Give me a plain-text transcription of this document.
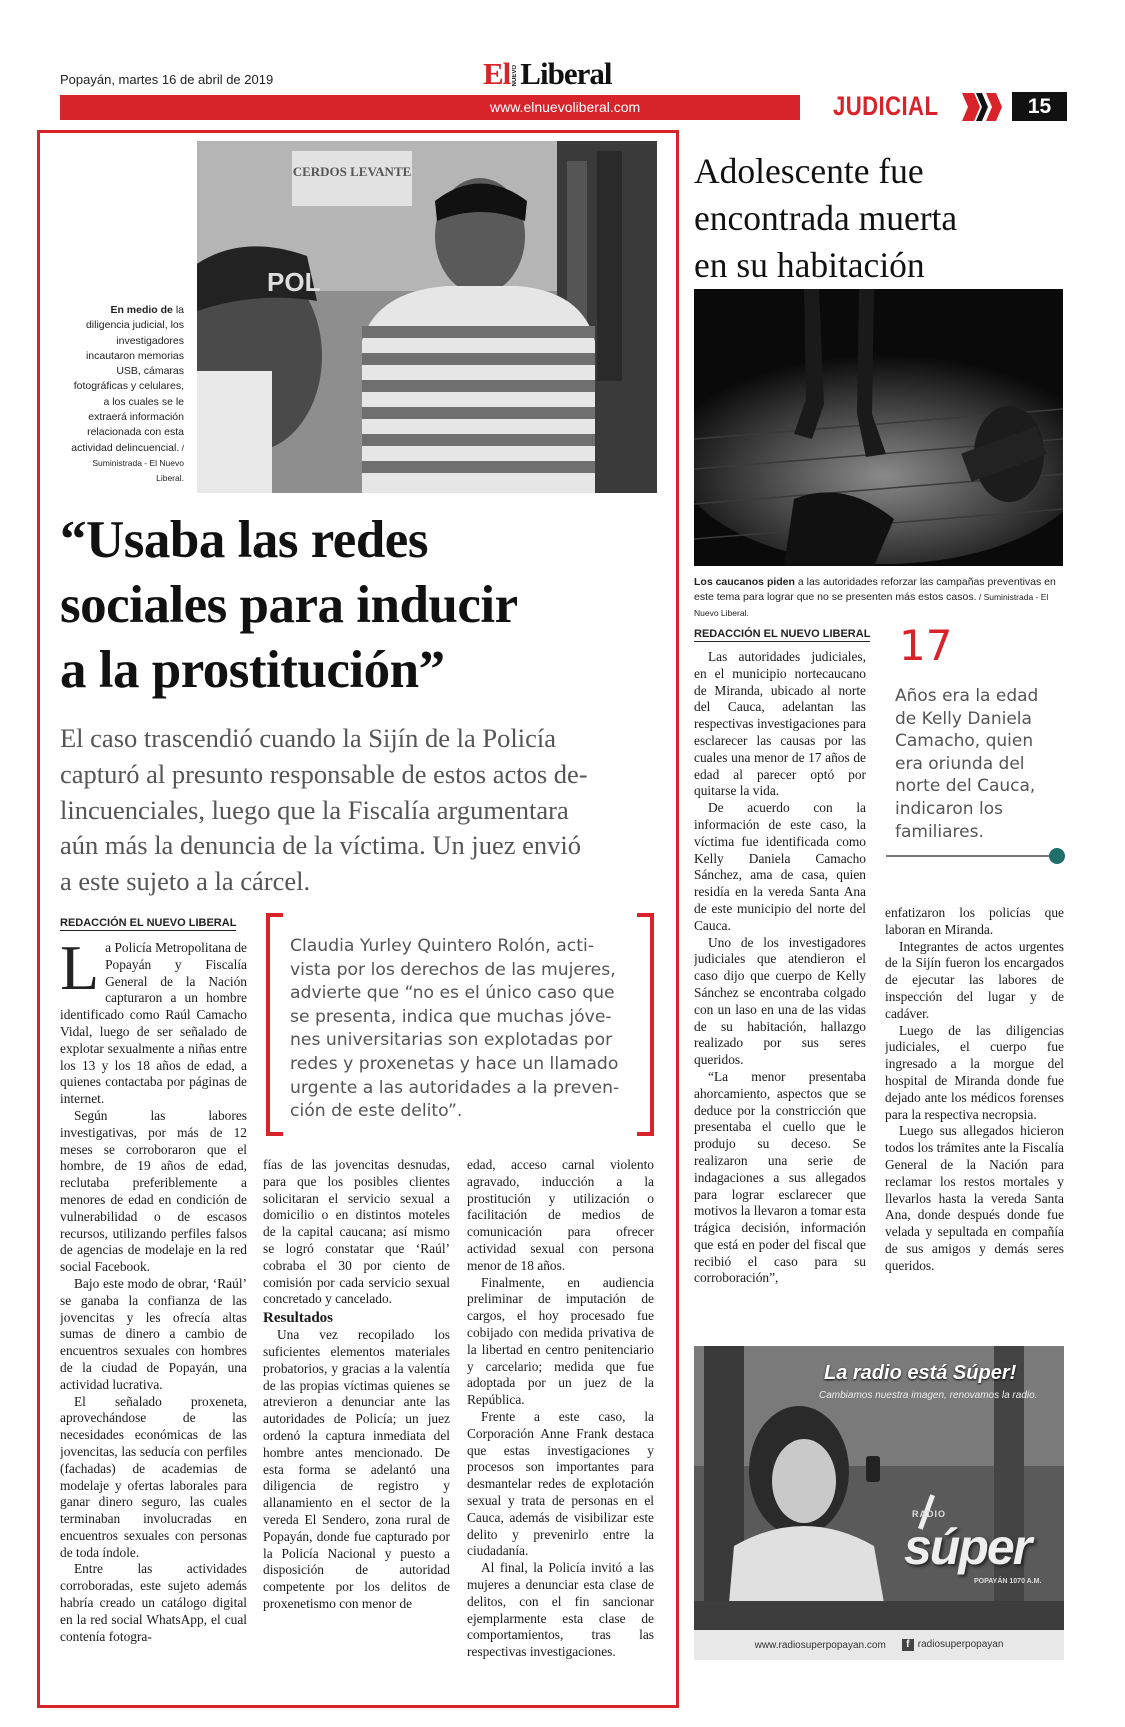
Popayán, martes 16 de abril de 2019	El NUEVO Liberal
www.elnuevoliberal.com	JUDICIAL	15
CERDOS LEVANTE
POL
En medio de la diligencia judicial, los investigadores incautaron memorias USB, cámaras fotográficas y celulares, a los cuales se le extraerá información relacionada con esta actividad delincuencial. / Suministrada - El Nuevo Liberal.
“Usaba las redes
sociales para inducir
a la prostitución”
El caso trascendió cuando la Sijín de la Policía
capturó al presunto responsable de estos actos de-
lincuenciales, luego que la Fiscalía argumentara
aún más la denuncia de la víctima. Un juez envió
a este sujeto a la cárcel.
REDACCIÓN EL NUEVO LIBERAL
L a Policía Metropolitana de Popayán y Fiscalía General de la Nación capturaron a un hombre identificado como Raúl Camacho Vidal, luego de ser señalado de explotar sexualmente a niñas entre los 13 y los 18 años de edad, a quienes contactaba por páginas de internet.

Según las labores investigativas, por más de 12 meses se corroboraron que el hombre, de 19 años de edad, reclutaba preferiblemente a menores de edad en condición de vulnerabilidad o de escasos recursos, utilizando perfiles falsos de agencias de modelaje en la red social Facebook.

Bajo este modo de obrar, ‘Raúl’ se ganaba la confianza de las jovencitas y les ofrecía altas sumas de dinero a cambio de encuentros sexuales con hombres de la ciudad de Popayán, una actividad lucrativa.

El señalado proxeneta, aprovechándose de las necesidades económicas de las jovencitas, las seducía con perfiles (fachadas) de academias de modelaje y ofertas laborales para ganar dinero seguro, las cuales terminaban involucradas en encuentros sexuales con personas de toda índole.

Entre las actividades corroboradas, este sujeto además habría creado un catálogo digital en la red social WhatsApp, el cual contenía fotogra-

Claudia Yurley Quintero Rolón, acti-
vista por los derechos de las mujeres,
advierte que “no es el único caso que
se presenta, indica que muchas jóve-
nes universitarias son explotadas por
redes y proxenetas y hace un llamado
urgente a las autoridades a la preven-
ción de este delito”.

fías de las jovencitas desnudas, para que los posibles clientes solicitaran el servicio sexual a domicilio o en distintos moteles de la capital caucana; así mismo se logró constatar que ‘Raúl’ cobraba el 30 por ciento de comisión por cada servicio sexual concretado y cancelado.

Resultados

Una vez recopilado los suficientes elementos materiales probatorios, y gracias a la valentía de las propias víctimas quienes se atrevieron a denunciar ante las autoridades de Policía; un juez ordenó la captura inmediata del hombre antes mencionado. De esta forma se adelantó una diligencia de registro y allanamiento en el sector de la vereda El Sendero, zona rural de Popayán, donde fue capturado por la Policía Nacional y puesto a disposición de autoridad competente por los delitos de proxenetismo con menor de

edad, acceso carnal violento agravado, inducción a la prostitución y utilización o facilitación de medios de comunicación para ofrecer actividad sexual con persona menor de 18 años.

Finalmente, en audiencia preliminar de imputación de cargos, el hoy procesado fue cobijado con medida privativa de la libertad en centro penitenciario y carcelario; medida que fue adoptada por un juez de la República.

Frente a este caso, la Corporación Anne Frank destaca que estas investigaciones y procesos son importantes para desmantelar redes de explotación sexual y trata de personas en el Cauca, además de visibilizar este delito y prevenirlo entre la ciudadanía.

Al final, la Policía invitó a las mujeres a denunciar esta clase de delitos, con el fin sancionar ejemplarmente esta clase de comportamientos, tras las respectivas investigaciones.

Adolescente fue
encontrada muerta
en su habitación
Los caucanos piden a las autoridades reforzar las campañas preventivas en este tema para lograr que no se presenten más estos casos. / Suministrada - El Nuevo Liberal.
REDACCIÓN EL NUEVO LIBERAL 17
Años era la edad
de Kelly Daniela
Camacho, quien
era oriunda del
norte del Cauca,
indicaron los
familiares.

Las autoridades judiciales, en el municipio nortecaucano de Miranda, ubicado al norte del Cauca, adelantan las respectivas investigaciones para esclarecer las causas por las cuales una menor de 17 años de edad al parecer optó por quitarse la vida.

De acuerdo con la información de este caso, la víctima fue identificada como Kelly Daniela Camacho Sánchez, ama de casa, quien residía en la vereda Santa Ana de este municipio del norte del Cauca.

Uno de los investigadores judiciales que atendieron el caso dijo que cuerpo de Kelly Sánchez se encontraba colgado con un laso en una de las vidas de su habitación, hallazgo realizado por sus seres queridos.

“La menor presentaba ahorcamiento, aspectos que se deduce por la constricción que presentaba el cuello que le produjo su deceso. Se realizaron una serie de indagaciones a sus allegados para lograr esclarecer que motivos la llevaron a tomar esta trágica decisión, información que está en poder del fiscal que recibió el caso para su corroboración”,

enfatizaron los policías que laboran en Miranda.

Integrantes de actos urgentes de la Sijín fueron los encargados de ejecutar las labores de inspección del lugar y de cadáver.

Luego de las diligencias judiciales, el cuerpo fue ingresado a la morgue del hospital de Miranda donde fue dejado ante los médicos forenses para la respectiva necropsia.

Luego sus allegados hicieron todos los trámites ante la Fiscalía General de la Nación para reclamar los restos mortales y llevarlos hasta la vereda Santa Ana, donde después donde fue velada y sepultada en compañía de sus amigos y demás seres queridos.

La radio está Súper!
Cambiamos nuestra imagen, renovamos la radio.
RADIO
súper
POPAYÁN 1070 A.M.
www.radiosuperpopayan.com	f radiosuperpopayan
